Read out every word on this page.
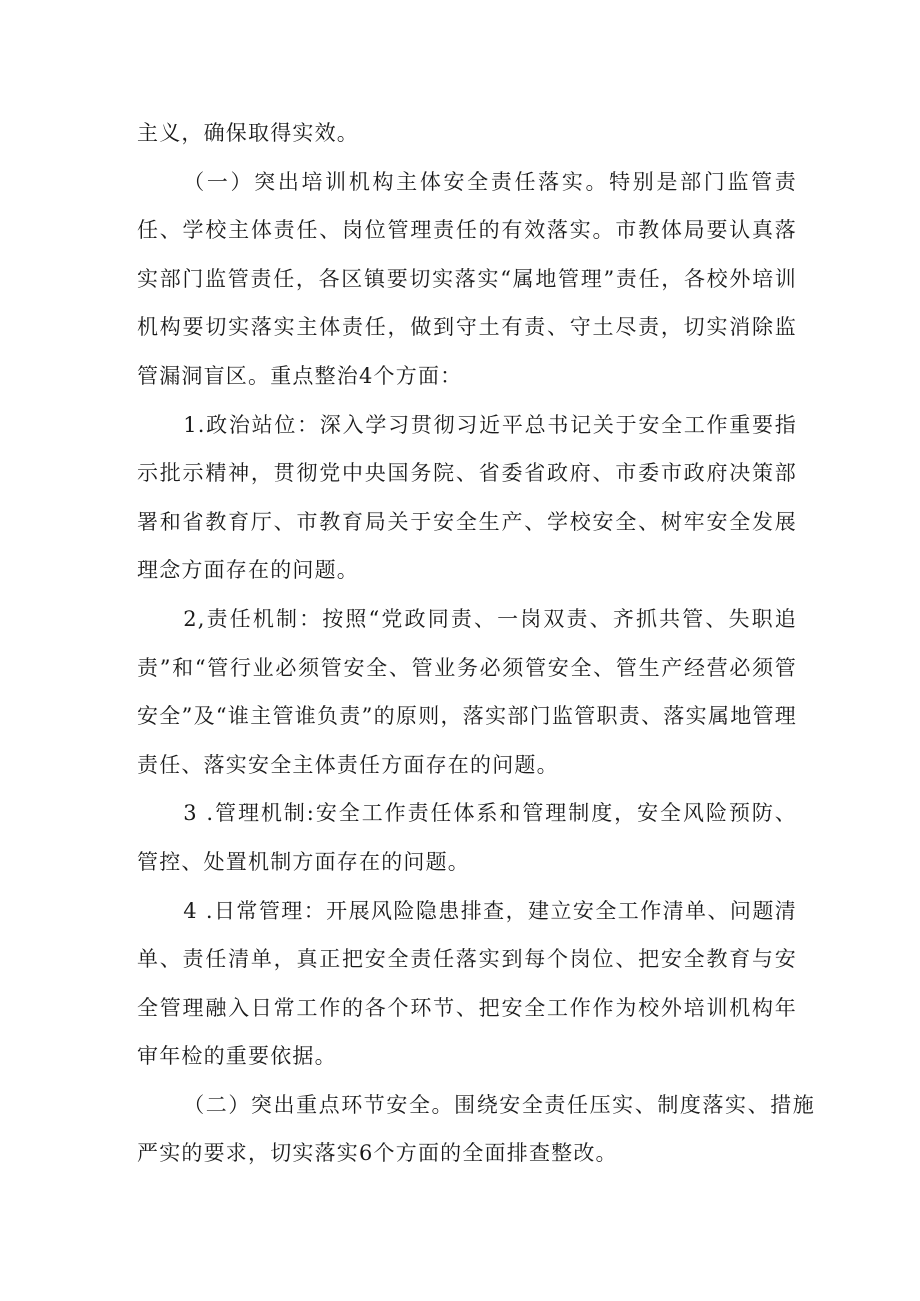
主义，确保取得实效。

（一）突出培训机构主体安全责任落实。特别是部门监管责任、学校主体责任、岗位管理责任的有效落实。市教体局要认真落实部门监管责任，各区镇要切实落实“属地管理”责任，各校外培训机构要切实落实主体责任，做到守土有责、守土尽责，切实消除监管漏洞盲区。重点整治4个方面：

1.政治站位：深入学习贯彻习近平总书记关于安全工作重要指示批示精神，贯彻党中央国务院、省委省政府、市委市政府决策部署和省教育厅、市教育局关于安全生产、学校安全、树牢安全发展理念方面存在的问题。

2,责任机制：按照“党政同责、一岗双责、齐抓共管、失职追责”和“管行业必须管安全、管业务必须管安全、管生产经营必须管安全”及“谁主管谁负责”的原则，落实部门监管职责、落实属地管理责任、落实安全主体责任方面存在的问题。

3 .管理机制:安全工作责任体系和管理制度，安全风险预防、管控、处置机制方面存在的问题。

4 .日常管理：开展风险隐患排查，建立安全工作清单、问题清单、责任清单，真正把安全责任落实到每个岗位、把安全教育与安全管理融入日常工作的各个环节、把安全工作作为校外培训机构年审年检的重要依据。

（二）突出重点环节安全。围绕安全责任压实、制度落实、措施严实的要求，切实落实6个方面的全面排查整改。
